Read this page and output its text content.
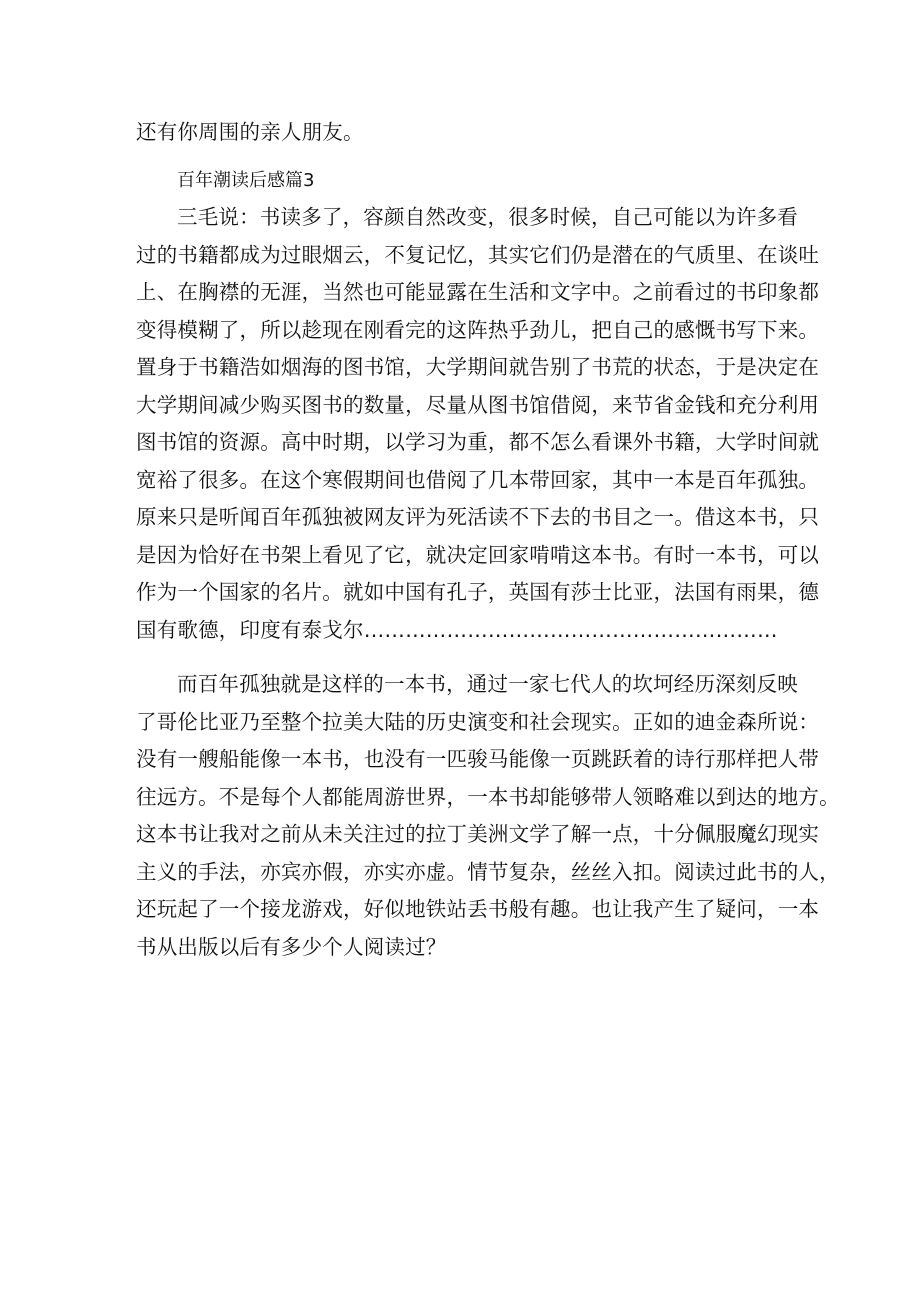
还有你周围的亲人朋友。

百年潮读后感篇3

三毛说：书读多了，容颜自然改变，很多时候，自己可能以为许多看
过的书籍都成为过眼烟云，不复记忆，其实它们仍是潜在的气质里、在谈吐
上、在胸襟的无涯，当然也可能显露在生活和文字中。之前看过的书印象都
变得模糊了，所以趁现在刚看完的这阵热乎劲儿，把自己的感慨书写下来。
置身于书籍浩如烟海的图书馆，大学期间就告别了书荒的状态，于是决定在
大学期间减少购买图书的数量，尽量从图书馆借阅，来节省金钱和充分利用
图书馆的资源。高中时期，以学习为重，都不怎么看课外书籍，大学时间就
宽裕了很多。在这个寒假期间也借阅了几本带回家，其中一本是百年孤独。
原来只是听闻百年孤独被网友评为死活读不下去的书目之一。借这本书，只
是因为恰好在书架上看见了它，就决定回家啃啃这本书。有时一本书，可以
作为一个国家的名片。就如中国有孔子，英国有莎士比亚，法国有雨果，德
国有歌德，印度有泰戈尔……………………………………………………

而百年孤独就是这样的一本书，通过一家七代人的坎坷经历深刻反映
了哥伦比亚乃至整个拉美大陆的历史演变和社会现实。正如的迪金森所说：
没有一艘船能像一本书，也没有一匹骏马能像一页跳跃着的诗行那样把人带
往远方。不是每个人都能周游世界，一本书却能够带人领略难以到达的地方。
这本书让我对之前从未关注过的拉丁美洲文学了解一点，十分佩服魔幻现实
主义的手法，亦宾亦假，亦实亦虚。情节复杂，丝丝入扣。阅读过此书的人，
还玩起了一个接龙游戏，好似地铁站丢书般有趣。也让我产生了疑问，一本
书从出版以后有多少个人阅读过？
